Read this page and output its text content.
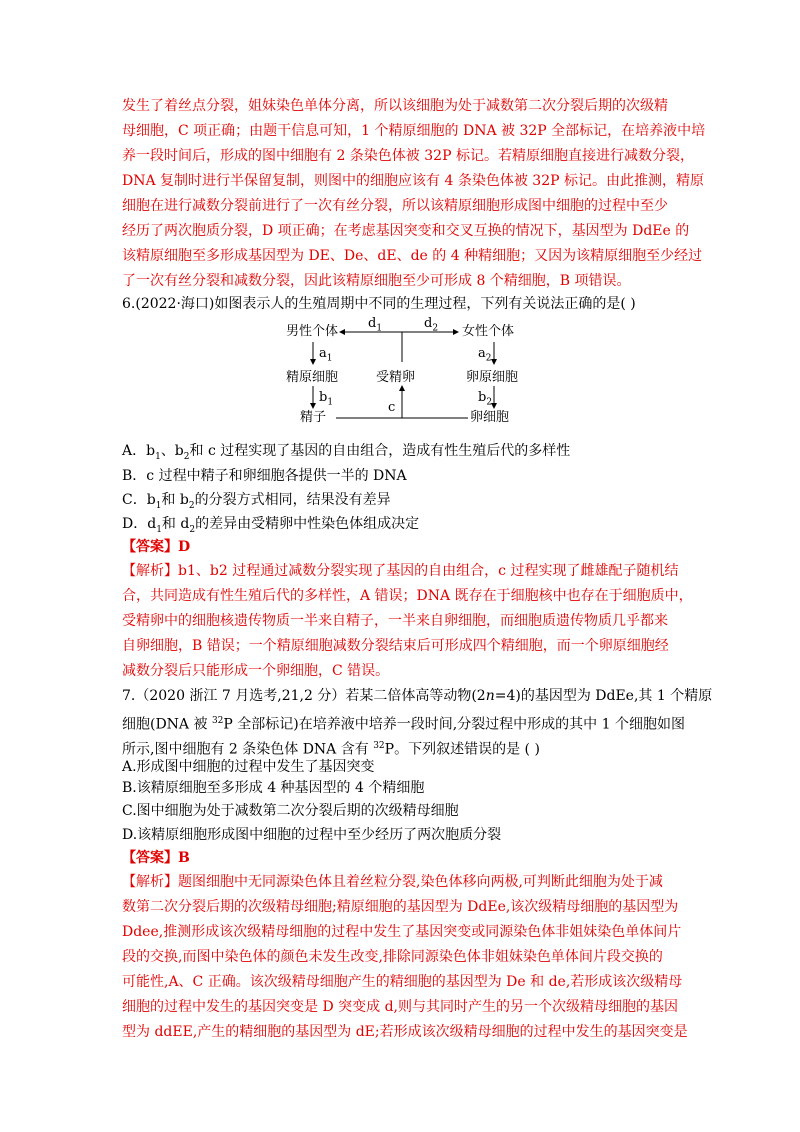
发生了着丝点分裂，姐妹染色单体分离，所以该细胞为处于减数第二次分裂后期的次级精
母细胞，C 项正确；由题干信息可知，1 个精原细胞的 DNA 被 32P 全部标记，在培养液中培
养一段时间后，形成的图中细胞有 2 条染色体被 32P 标记。若精原细胞直接进行减数分裂，
DNA 复制时进行半保留复制，则图中的细胞应该有 4 条染色体被 32P 标记。由此推测，精原
细胞在进行减数分裂前进行了一次有丝分裂，所以该精原细胞形成图中细胞的过程中至少
经历了两次胞质分裂，D 项正确；在考虑基因突变和交叉互换的情况下，基因型为 DdEe 的
该精原细胞至多形成基因型为 DE、De、dE、de 的 4 种精细胞；又因为该精原细胞至少经过
了一次有丝分裂和减数分裂，因此该精原细胞至少可形成 8 个精细胞，B 项错误。
6.(2022·海口)如图表示人的生殖周期中不同的生理过程，下列有关说法正确的是( )
男性个体	女性个体
$d_1$	$d_2$
$a_1$	$a_2$
精原细胞	受精卵	卵原细胞
$b_1$	$b_2$
c
精子	卵细胞
A．$b_1$、$b_2$和 c 过程实现了基因的自由组合，造成有性生殖后代的多样性
B．c 过程中精子和卵细胞各提供一半的 DNA
C．$b_1$和 $b_2$的分裂方式相同，结果没有差异
D．$d_1$和 $d_2$的差异由受精卵中性染色体组成决定
【答案】D
【解析】b1、b2 过程通过减数分裂实现了基因的自由组合，c 过程实现了雌雄配子随机结
合，共同造成有性生殖后代的多样性，A 错误；DNA 既存在于细胞核中也存在于细胞质中，
受精卵中的细胞核遗传物质一半来自精子，一半来自卵细胞，而细胞质遗传物质几乎都来
自卵细胞，B 错误；一个精原细胞减数分裂结束后可形成四个精细胞，而一个卵原细胞经
减数分裂后只能形成一个卵细胞，C 错误。
7.（2020 浙江 7 月选考,21,2 分）若某二倍体高等动物(2n=4)的基因型为 DdEe,其 1 个精原
细胞(DNA 被 $^{32}$P 全部标记)在培养液中培养一段时间,分裂过程中形成的其中 1 个细胞如图
所示,图中细胞有 2 条染色体 DNA 含有 $^{32}$P。下列叙述错误的是 ( )
A.形成图中细胞的过程中发生了基因突变
B.该精原细胞至多形成 4 种基因型的 4 个精细胞
C.图中细胞为处于减数第二次分裂后期的次级精母细胞
D.该精原细胞形成图中细胞的过程中至少经历了两次胞质分裂
【答案】B
【解析】题图细胞中无同源染色体且着丝粒分裂,染色体移向两极,可判断此细胞为处于减
数第二次分裂后期的次级精母细胞;精原细胞的基因型为 DdEe,该次级精母细胞的基因型为
Ddee,推测形成该次级精母细胞的过程中发生了基因突变或同源染色体非姐妹染色单体间片
段的交换,而图中染色体的颜色未发生改变,排除同源染色体非姐妹染色单体间片段交换的
可能性,A、C 正确。该次级精母细胞产生的精细胞的基因型为 De 和 de,若形成该次级精母
细胞的过程中发生的基因突变是 D 突变成 d,则与其同时产生的另一个次级精母细胞的基因
型为 ddEE,产生的精细胞的基因型为 dE;若形成该次级精母细胞的过程中发生的基因突变是
